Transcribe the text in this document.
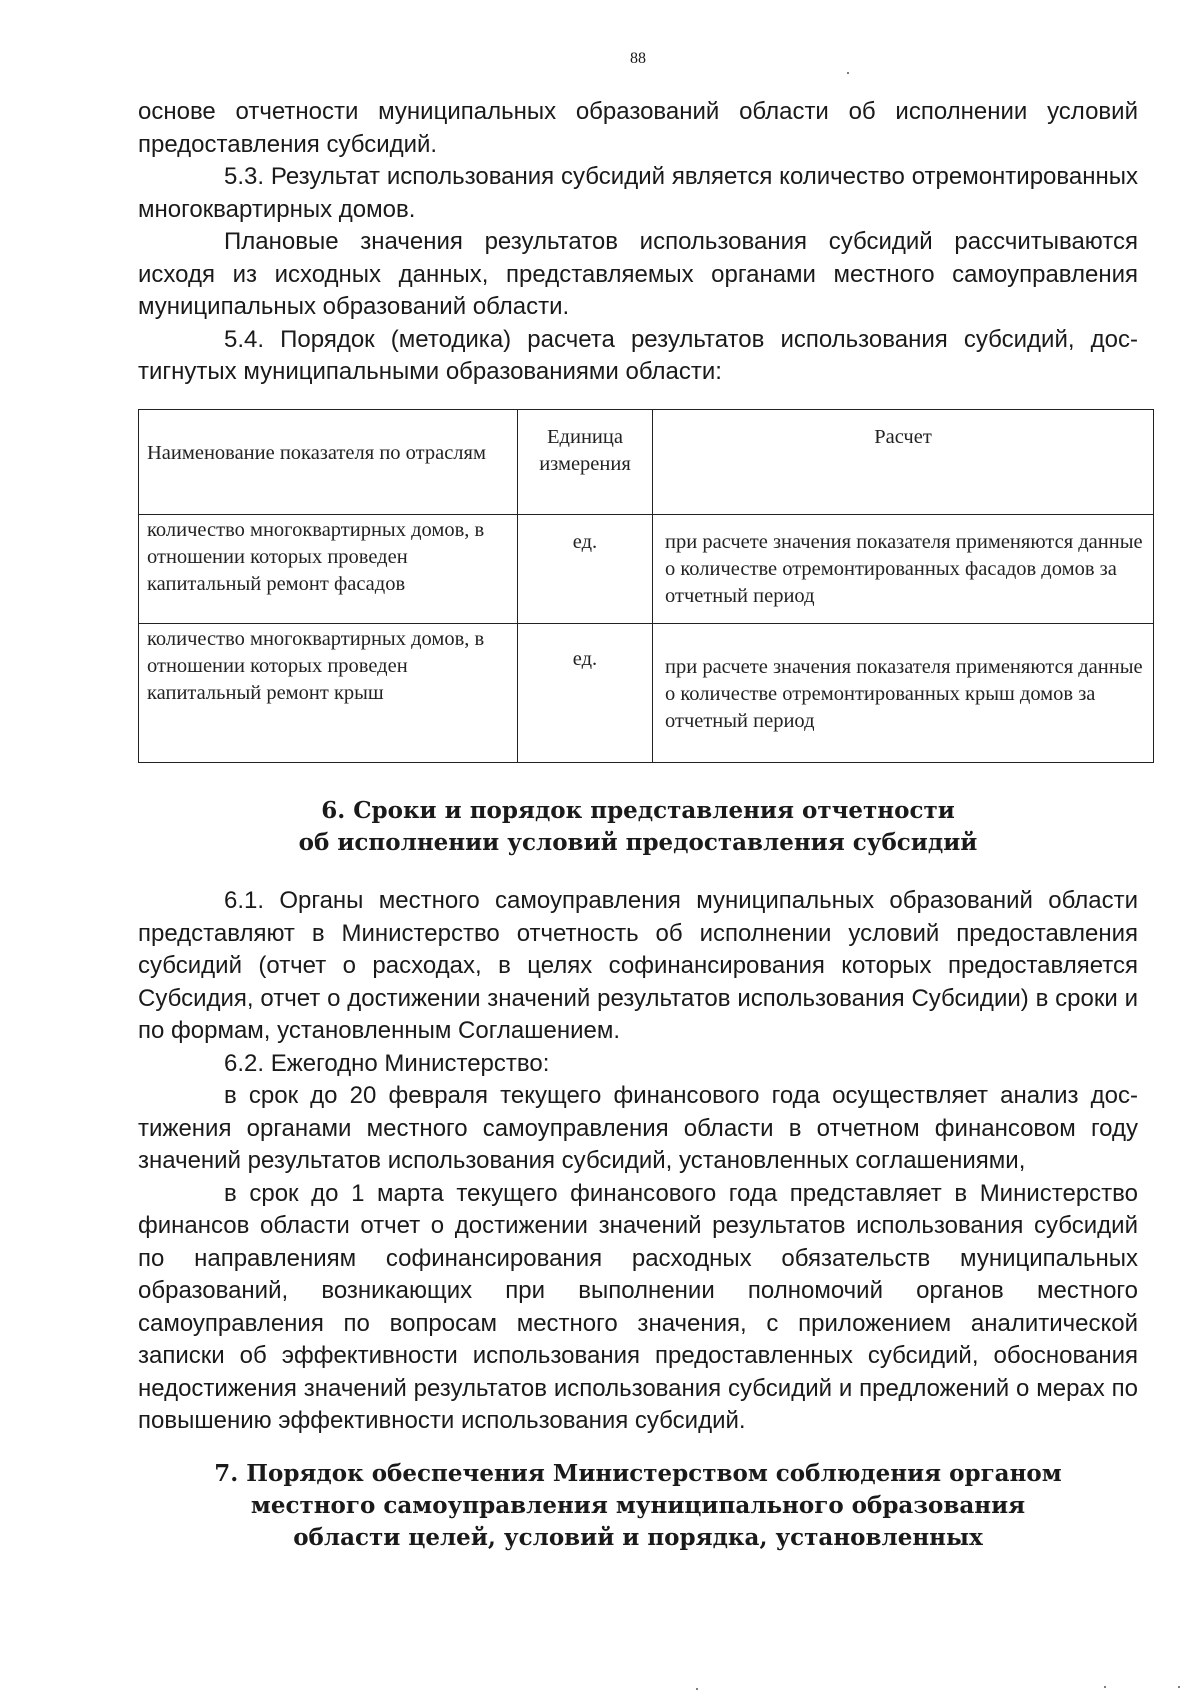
88

основе отчетности муниципальных образований области об исполнении условий предоставления субсидий.

5.3. Результат использования субсидий является количество отремонтированных многоквартирных домов.

Плановые значения результатов использования субсидий рассчитываются исходя из исходных данных, представляемых органами местного самоуправления муниципальных образований области.

5.4. Порядок (методика) расчета результатов использования субсидий, достигнутых муниципальными образованиями области:

Наименование показателя по отраслям	Единица измерения	Расчет
количество многоквартирных домов, в отношении которых проведен капитальный ремонт фасадов	ед.	при расчете значения показателя применяются данные о количестве отремонтированных фасадов домов за отчетный период
количество многоквартирных домов, в отношении которых проведен капитальный ремонт крыш	ед.	при расчете значения показателя применяются данные о количестве отремонтированных крыш домов за отчетный период
6. Сроки и порядок представления отчетности
об исполнении условий предоставления субсидий

6.1. Органы местного самоуправления муниципальных образований области представляют в Министерство отчетность об исполнении условий предоставления субсидий (отчет о расходах, в целях софинансирования которых предоставляется Субсидия, отчет о достижении значений результатов использования Субсидии) в сроки и по формам, установленным Соглашением.

6.2. Ежегодно Министерство:

в срок до 20 февраля текущего финансового года осуществляет анализ достижения органами местного самоуправления области в отчетном финансовом году значений результатов использования субсидий, установленных соглашениями,

в срок до 1 марта текущего финансового года представляет в Министерство финансов области отчет о достижении значений результатов использования субсидий по направлениям софинансирования расходных обязательств муниципальных образований, возникающих при выполнении полномочий органов местного самоуправления по вопросам местного значения, с приложением аналитической записки об эффективности использования предоставленных субсидий, обоснования недостижения значений результатов использования субсидий и предложений о мерах по повышению эффективности использования субсидий.

7. Порядок обеспечения Министерством соблюдения органом
местного самоуправления муниципального образования
области целей, условий и порядка, установленных
